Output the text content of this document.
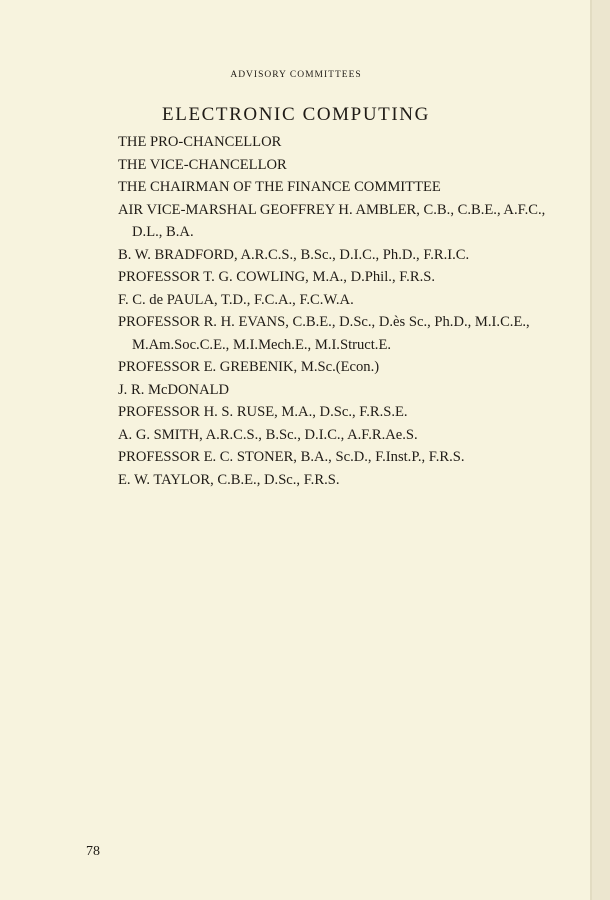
ADVISORY COMMITTEES
ELECTRONIC COMPUTING

THE PRO-CHANCELLOR

THE VICE-CHANCELLOR

THE CHAIRMAN OF THE FINANCE COMMITTEE

AIR VICE-MARSHAL GEOFFREY H. AMBLER, C.B., C.B.E., A.F.C., D.L., B.A.

B. W. BRADFORD, A.R.C.S., B.Sc., D.I.C., Ph.D., F.R.I.C.

PROFESSOR T. G. COWLING, M.A., D.Phil., F.R.S.

F. C. de PAULA, T.D., F.C.A., F.C.W.A.

PROFESSOR R. H. EVANS, C.B.E., D.Sc., D.ès Sc., Ph.D., M.I.C.E., M.Am.Soc.C.E., M.I.Mech.E., M.I.Struct.E.

PROFESSOR E. GREBENIK, M.Sc.(Econ.)

J. R. McDONALD

PROFESSOR H. S. RUSE, M.A., D.Sc., F.R.S.E.

A. G. SMITH, A.R.C.S., B.Sc., D.I.C., A.F.R.Ae.S.

PROFESSOR E. C. STONER, B.A., Sc.D., F.Inst.P., F.R.S.

E. W. TAYLOR, C.B.E., D.Sc., F.R.S.

78
